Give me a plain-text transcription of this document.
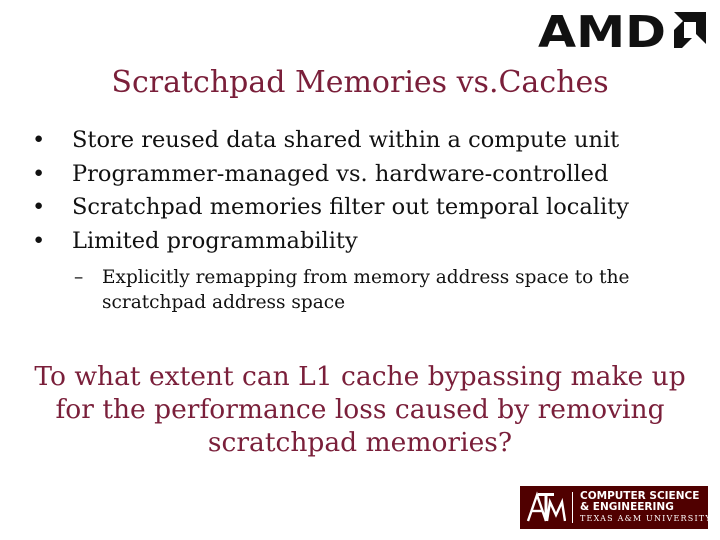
AMD
Scratchpad Memories vs.Caches
• Store reused data shared within a compute unit
• Programmer-managed vs. hardware-controlled
• Scratchpad memories filter out temporal locality
• Limited programmability
–	Explicitly remapping from memory address space to the scratchpad address space
To what extent can L1 cache bypassing make up for the performance loss caused by removing scratchpad memories?
COMPUTER SCIENCE
& ENGINEERING
TEXAS A&M UNIVERSITY
